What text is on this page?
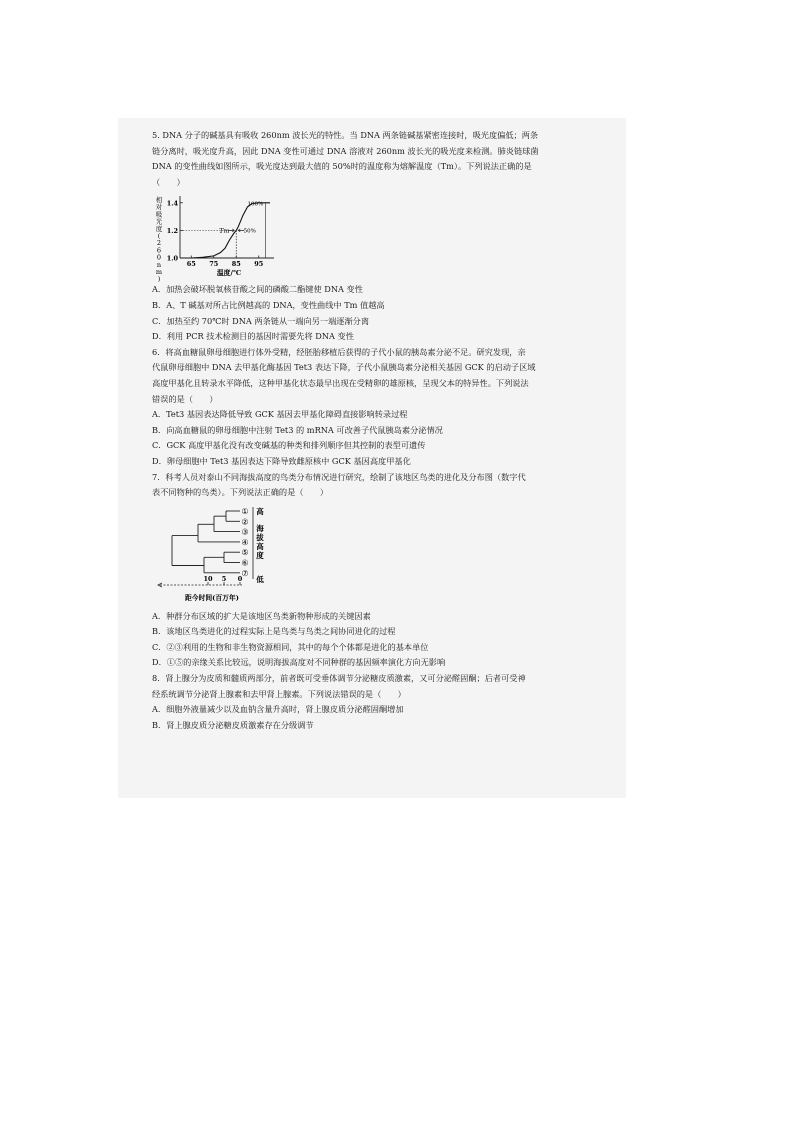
5. DNA 分子的碱基具有吸收 260nm 波长光的特性。当 DNA 两条链碱基紧密连接时，吸光度偏低；两条

链分离时，吸光度升高，因此 DNA 变性可通过 DNA 溶液对 260nm 波长光的吸光度来检测。肺炎链球菌

DNA 的变性曲线如图所示，吸光度达到最大值的 50%时的温度称为熔解温度（Tm）。下列说法正确的是

（　　）

相对吸光度( 2 6 0 n m )
1.0
1.2
1.4
65 75 85 95
温度/℃
Tm
100%
50%

A．加热会破坏脱氧核苷酸之间的磷酸二酯键使 DNA 变性

B．A、T 碱基对所占比例越高的 DNA，变性曲线中 Tm 值越高

C．加热至约 70℃时 DNA 两条链从一端向另一端逐渐分离

D．利用 PCR 技术检测目的基因时需要先将 DNA 变性

6．将高血糖鼠卵母细胞进行体外受精，经胚胎移植后获得的子代小鼠的胰岛素分泌不足。研究发现，亲

代鼠卵母细胞中 DNA 去甲基化酶基因 Tet3 表达下降，子代小鼠胰岛素分泌相关基因 GCK 的启动子区域

高度甲基化且转录水平降低，这种甲基化状态最早出现在受精卵的雄原核，呈现父本的特异性。下列说法

错误的是（　　）

A．Tet3 基因表达降低导致 GCK 基因去甲基化障碍直接影响转录过程

B．向高血糖鼠的卵母细胞中注射 Tet3 的 mRNA 可改善子代鼠胰岛素分泌情况

C．GCK 高度甲基化没有改变碱基的种类和排列顺序但其控制的表型可遗传

D．卵母细胞中 Tet3 基因表达下降导致雌原核中 GCK 基因高度甲基化

7．科考人员对泰山不同海拔高度的鸟类分布情况进行研究，绘制了该地区鸟类的进化及分布图（数字代

表不同物种的鸟类）。下列说法正确的是（　　）

①
②
③
④
⑤
⑥
⑦
高
海
拔
高
度
低
10 5 0
距今时间(百万年)

A．种群分布区域的扩大是该地区鸟类新物种形成的关键因素

B．该地区鸟类进化的过程实际上是鸟类与鸟类之间协同进化的过程

C．②③利用的生物和非生物资源相同，其中的每个个体都是进化的基本单位

D．①⑤的亲缘关系比较远，说明海拔高度对不同种群的基因频率演化方向无影响

8．肾上腺分为皮质和髓质两部分，前者既可受垂体调节分泌糖皮质激素，又可分泌醛固酮；后者可受神

经系统调节分泌肾上腺素和去甲肾上腺素。下列说法错误的是（　　）

A．细胞外液量减少以及血钠含量升高时，肾上腺皮质分泌醛固酮增加

B．肾上腺皮质分泌糖皮质激素存在分级调节
